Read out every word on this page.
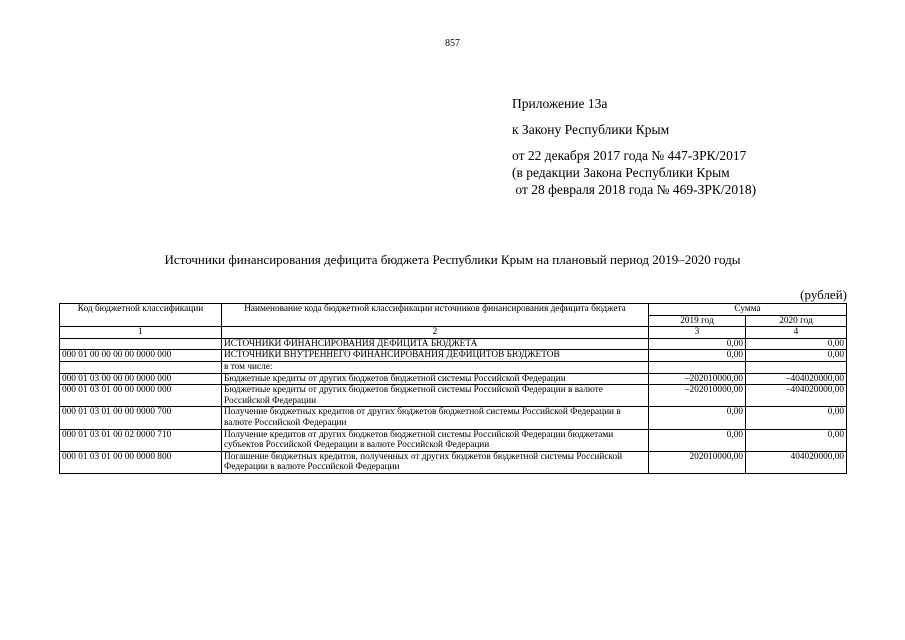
857
Приложение 13а
к Закону Республики Крым
от 22 декабря 2017 года № 447-ЗРК/2017
(в редакции Закона Республики Крым
от 28 февраля 2018 года № 469-ЗРК/2018)
Источники финансирования дефицита бюджета Республики Крым на плановый период 2019–2020 годы
(рублей)
Код бюджетной классификации	Наименование кода бюджетной классификации источников финансирования дефицита бюджета	Сумма	
		2019 год	2020 год
1	2	3	4
	ИСТОЧНИКИ ФИНАНСИРОВАНИЯ ДЕФИЦИТА БЮДЖЕТА	0,00	0,00
000 01 00 00 00 00 0000 000	ИСТОЧНИКИ ВНУТРЕННЕГО ФИНАНСИРОВАНИЯ ДЕФИЦИТОВ БЮДЖЕТОВ	0,00	0,00
	в том числе:		
000 01 03 00 00 00 0000 000	Бюджетные кредиты от других бюджетов бюджетной системы Российской Федерации	–202010000,00	–404020000,00
000 01 03 01 00 00 0000 000	Бюджетные кредиты от других бюджетов бюджетной системы Российской Федерации в валюте Российской Федерации	–202010000,00	–404020000,00
000 01 03 01 00 00 0000 700	Получение бюджетных кредитов от других бюджетов бюджетной системы Российской Федерации в валюте Российской Федерации	0,00	0,00
000 01 03 01 00 02 0000 710	Получение кредитов от других бюджетов бюджетной системы Российской Федерации бюджетами субъектов Российской Федерации в валюте Российской Федерации	0,00	0,00
000 01 03 01 00 00 0000 800	Погашение бюджетных кредитов, полученных от других бюджетов бюджетной системы Российской Федерации в валюте Российской Федерации	202010000,00	404020000,00
